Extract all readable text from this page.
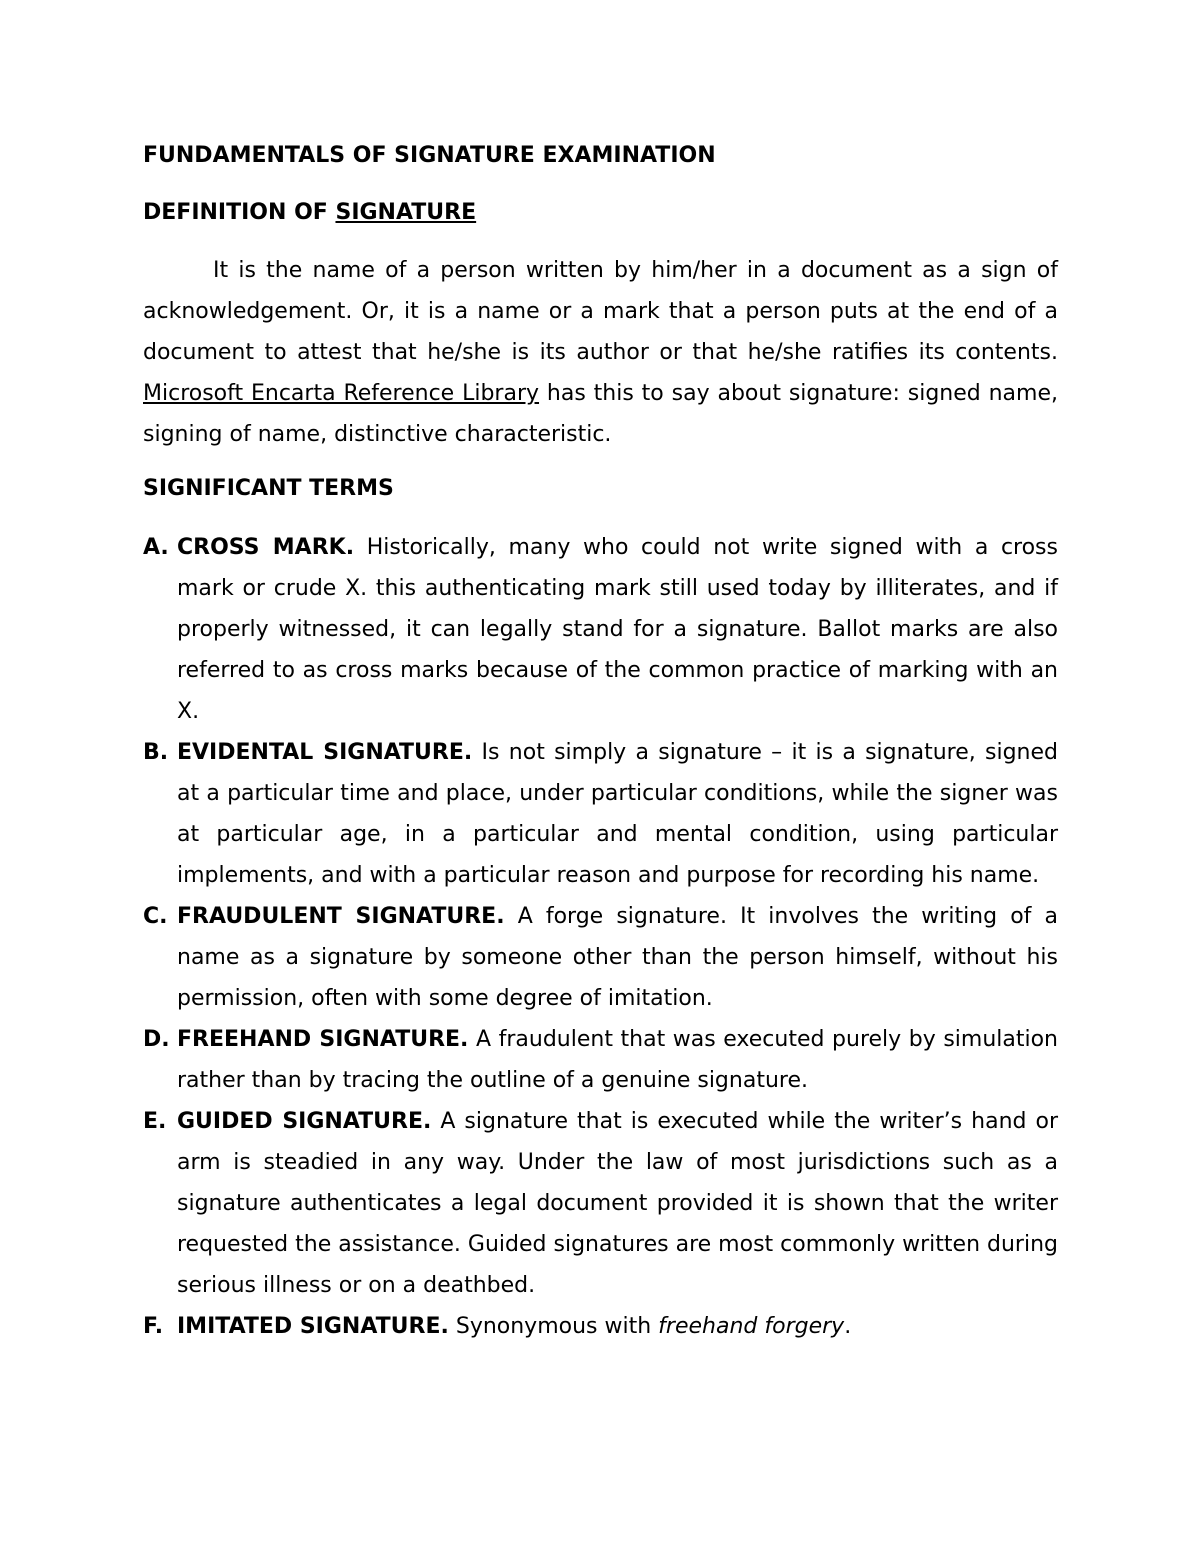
FUNDAMENTALS OF SIGNATURE EXAMINATION

DEFINITION OF SIGNATURE

It is the name of a person written by him/her in a document as a sign of acknowledgement. Or, it is a name or a mark that a person puts at the end of a document to attest that he/she is its author or that he/she ratifies its contents. Microsoft Encarta Reference Library has this to say about signature: signed name, signing of name, distinctive characteristic.

SIGNIFICANT TERMS

A. CROSS MARK. Historically, many who could not write signed with a cross mark or crude X. this authenticating mark still used today by illiterates, and if properly witnessed, it can legally stand for a signature. Ballot marks are also referred to as cross marks because of the common practice of marking with an X.
B. EVIDENTAL SIGNATURE. Is not simply a signature – it is a signature, signed at a particular time and place, under particular conditions, while the signer was at particular age, in a particular and mental condition, using particular implements, and with a particular reason and purpose for recording his name.
C. FRAUDULENT SIGNATURE. A forge signature. It involves the writing of a name as a signature by someone other than the person himself, without his permission, often with some degree of imitation.
D. FREEHAND SIGNATURE. A fraudulent that was executed purely by simulation rather than by tracing the outline of a genuine signature.
E. GUIDED SIGNATURE. A signature that is executed while the writer’s hand or arm is steadied in any way. Under the law of most jurisdictions such as a signature authenticates a legal document provided it is shown that the writer requested the assistance. Guided signatures are most commonly written during serious illness or on a deathbed.
F. IMITATED SIGNATURE. Synonymous with freehand forgery.
